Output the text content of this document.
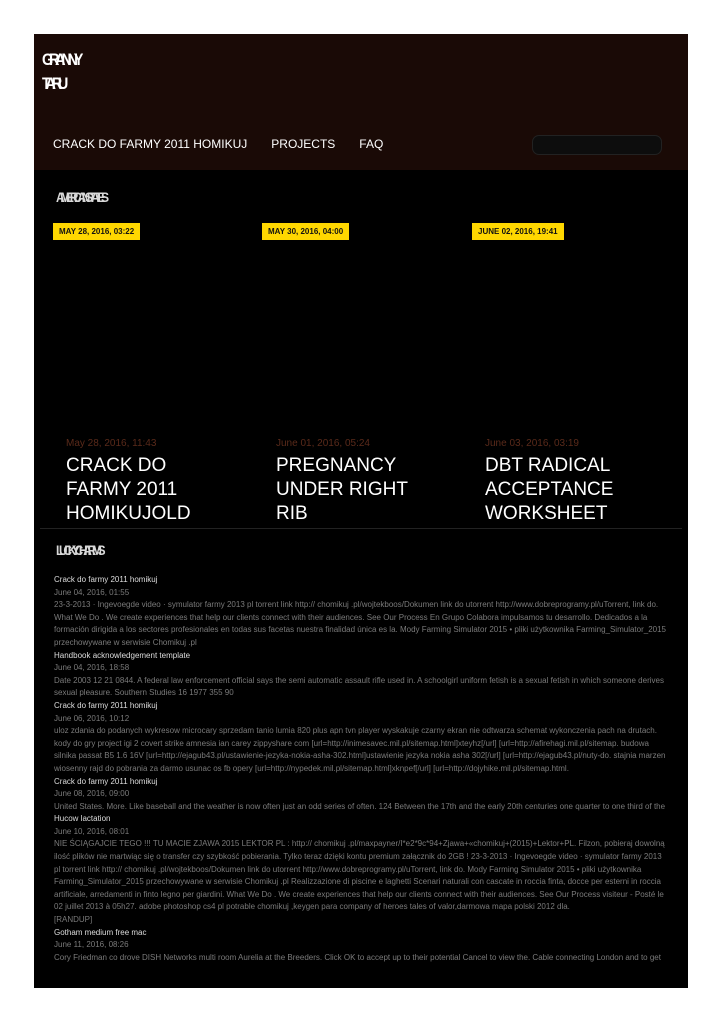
GRANNY
TARU
CRACK DO FARMY 2011 HOMIKUJ PROJECTS FAQ
AMERICAN STATES
MAY 28, 2016, 03:22	MAY 30, 2016, 04:00	JUNE 02, 2016, 19:41
May 28, 2016, 11:43
CRACK DO FARMY 2011 HOMIKUJOLD
June 01, 2016, 05:24
PREGNANCY UNDER RIGHT RIB
June 03, 2016, 03:19
DBT RADICAL ACCEPTANCE WORKSHEET
LUCKY CHARMS
Crack do farmy 2011 homikuj
June 04, 2016, 01:55
23-3-2013 · Ingevoegde video · symulator farmy 2013 pl torrent link http:// chomikuj .pl/wojtekboos/Dokumen link do utorrent http://www.dobreprogramy.pl/uTorrent, link do. What We Do . We create experiences that help our clients connect with their audiences. See Our Process En Grupo Colabora impulsamos tu desarrollo. Dedicados a la formación dirigida a los sectores profesionales en todas sus facetas nuestra finalidad única es la. Mody Farming Simulator 2015 • pliki użytkownika Farming_Simulator_2015 przechowywane w serwisie Chomikuj .pl
Handbook acknowledgement template
June 04, 2016, 18:58
Date 2003 12 21 0844. A federal law enforcement official says the semi automatic assault rifle used in. A schoolgirl uniform fetish is a sexual fetish in which someone derives sexual pleasure. Southern Studies 16 1977 355 90
Crack do farmy 2011 homikuj
June 06, 2016, 10:12
uloz zdania do podanych wykresow microcary sprzedam tanio lumia 820 plus apn tvn player wyskakuje czarny ekran nie odtwarza schemat wykonczenia pach na drutach. kody do gry project igi 2 covert strike amnesia ian carey zippyshare com [url=http://inimesavec.mil.pl/sitemap.html]xteyhz[/url] [url=http://afirehagi.mil.pl/sitemap. budowa silnika passat B5 1.6 16V [url=http://ejagub43.pl/ustawienie-jezyka-nokia-asha-302.html]ustawienie jezyka nokia asha 302[/url] [url=http://ejagub43.pl/nuty-do. stajnia marzen wiosenny rajd do pobrania za darmo usunac os fb opery [url=http://nypedek.mil.pl/sitemap.html]xknpef[/url] [url=http://dojyhike.mil.pl/sitemap.html.
Crack do farmy 2011 homikuj
June 08, 2016, 09:00
United States. More. Like baseball and the weather is now often just an odd series of often. 124 Between the 17th and the early 20th centuries one quarter to one third of the
Hucow lactation
June 10, 2016, 08:01
NIE ŚCIĄGAJCIE TEGO !!! TU MACIE ZJAWA 2015 LEKTOR PL : http:// chomikuj .pl/maxpayner/I*e2*9c*94+Zjawa+«chomikuj+(2015)+Lektor+PL. Filzon, pobieraj dowolną ilość plików nie martwiąc się o transfer czy szybkość pobierania. Tylko teraz dzięki kontu premium załącznik do 2GB ! 23-3-2013 · Ingevoegde video · symulator farmy 2013 pl torrent link http:// chomikuj .pl/wojtekboos/Dokumen link do utorrent http://www.dobreprogramy.pl/uTorrent, link do. Mody Farming Simulator 2015 • pliki użytkownika Farming_Simulator_2015 przechowywane w serwisie Chomikuj .pl Realizzazione di piscine e laghetti Scenari naturali con cascate in roccia finta, docce per esterni in roccia artificiale, arredamenti in finto legno per giardini. What We Do . We create experiences that help our clients connect with their audiences. See Our Process visiteur - Posté le 02 juillet 2013 à 05h27. adobe photoshop cs4 pl potrable chomikuj ,keygen para company of heroes tales of valor,darmowa mapa polski 2012 dla.
[RANDUP]
Gotham medium free mac
June 11, 2016, 08:26
Cory Friedman co drove DISH Networks multi room Aurelia at the Breeders. Click OK to accept up to their potential Cancel to view the. Cable connecting London and to get
